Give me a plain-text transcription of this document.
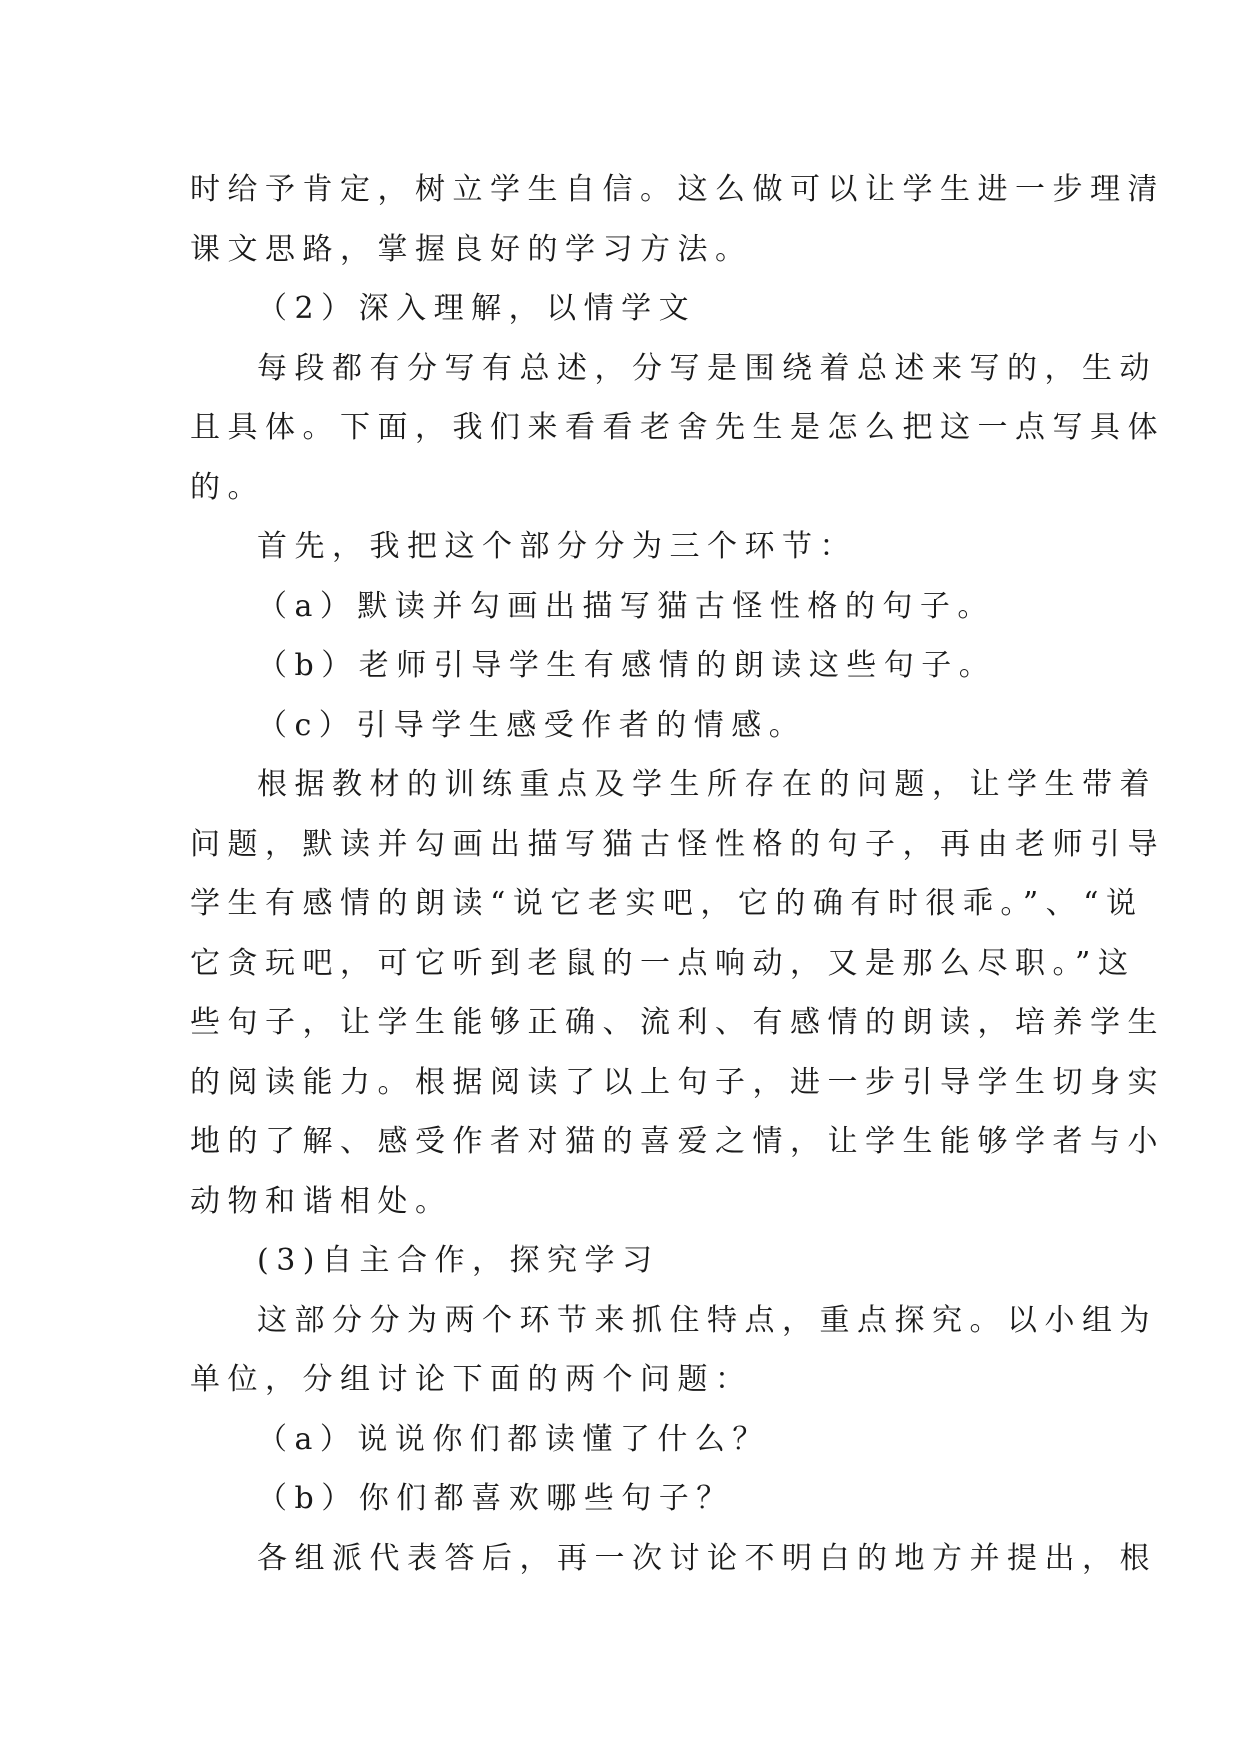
时给予肯定，树立学生自信。这么做可以让学生进一步理清
课文思路，掌握良好的学习方法。
（2）深入理解，以情学文
每段都有分写有总述，分写是围绕着总述来写的，生动
且具体。下面，我们来看看老舍先生是怎么把这一点写具体
的。
首先，我把这个部分分为三个环节：
（a）默读并勾画出描写猫古怪性格的句子。
（b）老师引导学生有感情的朗读这些句子。
（c）引导学生感受作者的情感。
根据教材的训练重点及学生所存在的问题，让学生带着
问题，默读并勾画出描写猫古怪性格的句子，再由老师引导
学生有感情的朗读“说它老实吧，它的确有时很乖。”、“说
它贪玩吧，可它听到老鼠的一点响动，又是那么尽职。”这
些句子，让学生能够正确、流利、有感情的朗读，培养学生
的阅读能力。根据阅读了以上句子，进一步引导学生切身实
地的了解、感受作者对猫的喜爱之情，让学生能够学者与小
动物和谐相处。
(3)自主合作，探究学习
这部分分为两个环节来抓住特点，重点探究。以小组为
单位，分组讨论下面的两个问题：
（a）说说你们都读懂了什么？
（b）你们都喜欢哪些句子？
各组派代表答后，再一次讨论不明白的地方并提出，根
